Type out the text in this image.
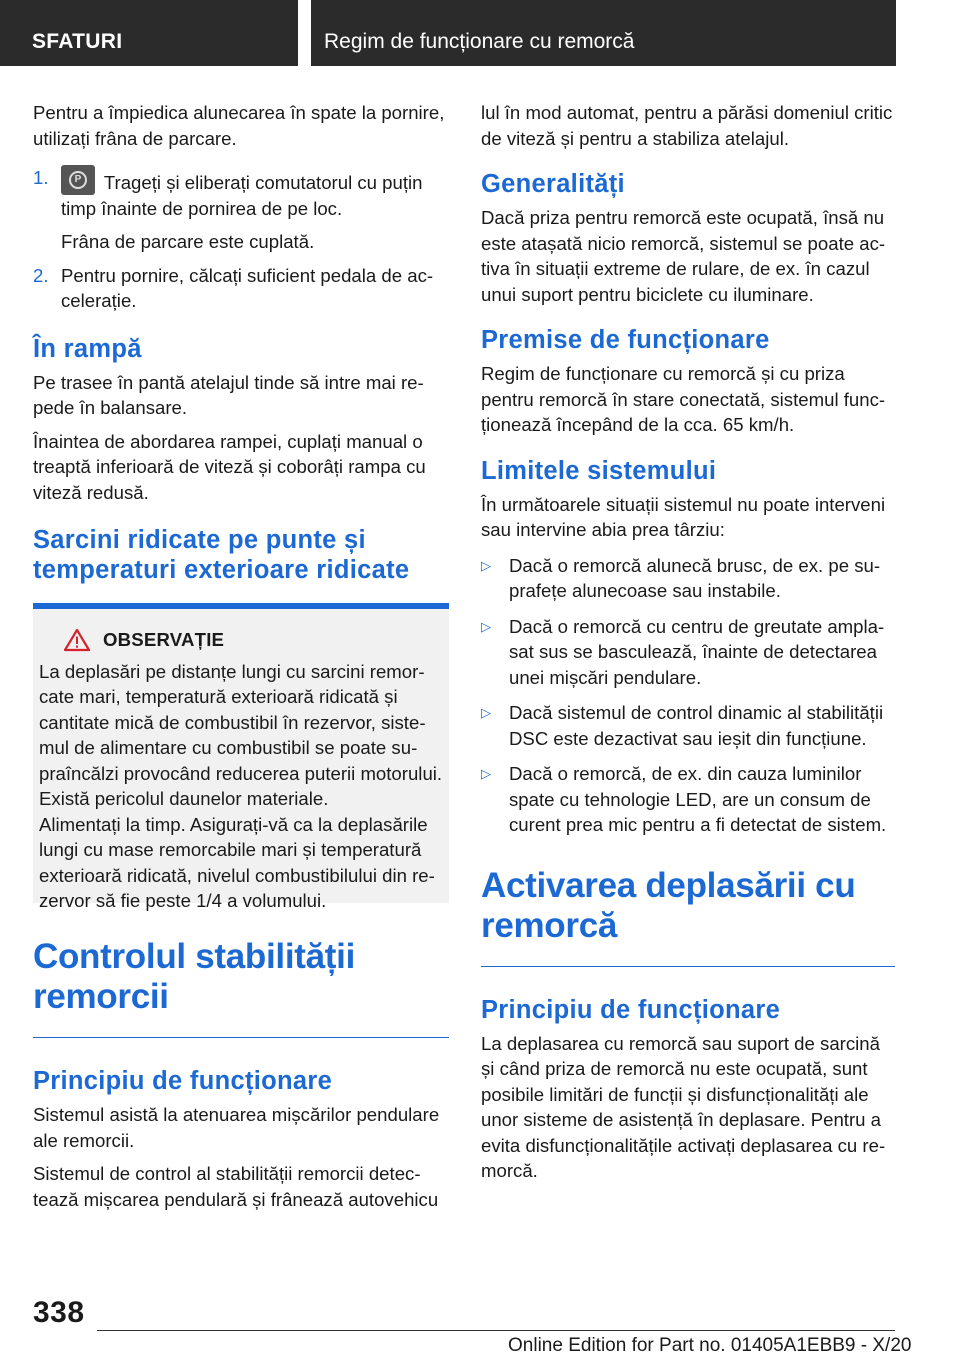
SFATURI	Regim de funcționare cu remorcă

Pentru a împiedica alunecarea în spate la pornire, utilizați frâna de parcare.

1.	P	Trageți și eliberați comutatorul cu puțin timp înainte de pornirea de pe loc.
Frâna de parcare este cuplată.
2. Pentru pornire, călcați suficient pedala de accelerație.
În rampă

Pe trasee în pantă atelajul tinde să intre mai repede în balansare.

Înaintea de abordarea rampei, cuplați manual o treaptă inferioară de viteză și coborâți rampa cu viteză redusă.

Sarcini ridicate pe punte și temperaturi exterioare ridicate
OBSERVAȚIE

La deplasări pe distanțe lungi cu sarcini remorcate mari, temperatură exterioară ridicată și cantitate mică de combustibil în rezervor, sistemul de alimentare cu combustibil se poate supraîncălzi provocând reducerea puterii motorului. Există pericolul daunelor materiale.

Alimentați la timp. Asigurați-vă ca la deplasările lungi cu mase remorcabile mari și temperatură exterioară ridicată, nivelul combustibilului din rezervor să fie peste 1/4 a volumului.

Controlul stabilității remorcii
Principiu de funcționare

Sistemul asistă la atenuarea mișcărilor pendulare ale remorcii.

Sistemul de control al stabilității remorcii detectează mișcarea pendulară și frânează autovehicu

lul în mod automat, pentru a părăsi domeniul critic de viteză și pentru a stabiliza atelajul.

Generalități

Dacă priza pentru remorcă este ocupată, însă nu este atașată nicio remorcă, sistemul se poate activa în situații extreme de rulare, de ex. în cazul unui suport pentru biciclete cu iluminare.

Premise de funcționare

Regim de funcționare cu remorcă și cu priza pentru remorcă în stare conectată, sistemul funcționează începând de la cca. 65 km/h.

Limitele sistemului

În următoarele situații sistemul nu poate interveni sau intervine abia prea târziu:

▷ Dacă o remorcă alunecă brusc, de ex. pe suprafețe alunecoase sau instabile.
▷ Dacă o remorcă cu centru de greutate amplasat sus se basculează, înainte de detectarea unei mișcări pendulare.
▷ Dacă sistemul de control dinamic al stabilității DSC este dezactivat sau ieșit din funcțiune.
▷ Dacă o remorcă, de ex. din cauza luminilor spate cu tehnologie LED, are un consum de curent prea mic pentru a fi detectat de sistem.
Activarea deplasării cu remorcă
Principiu de funcționare

La deplasarea cu remorcă sau suport de sarcină și când priza de remorcă nu este ocupată, sunt posibile limitări de funcții și disfuncționalități ale unor sisteme de asistență în deplasare. Pentru a evita disfuncționalitățile activați deplasarea cu remorcă.

338
Online Edition for Part no. 01405A1EBB9 - X/20
